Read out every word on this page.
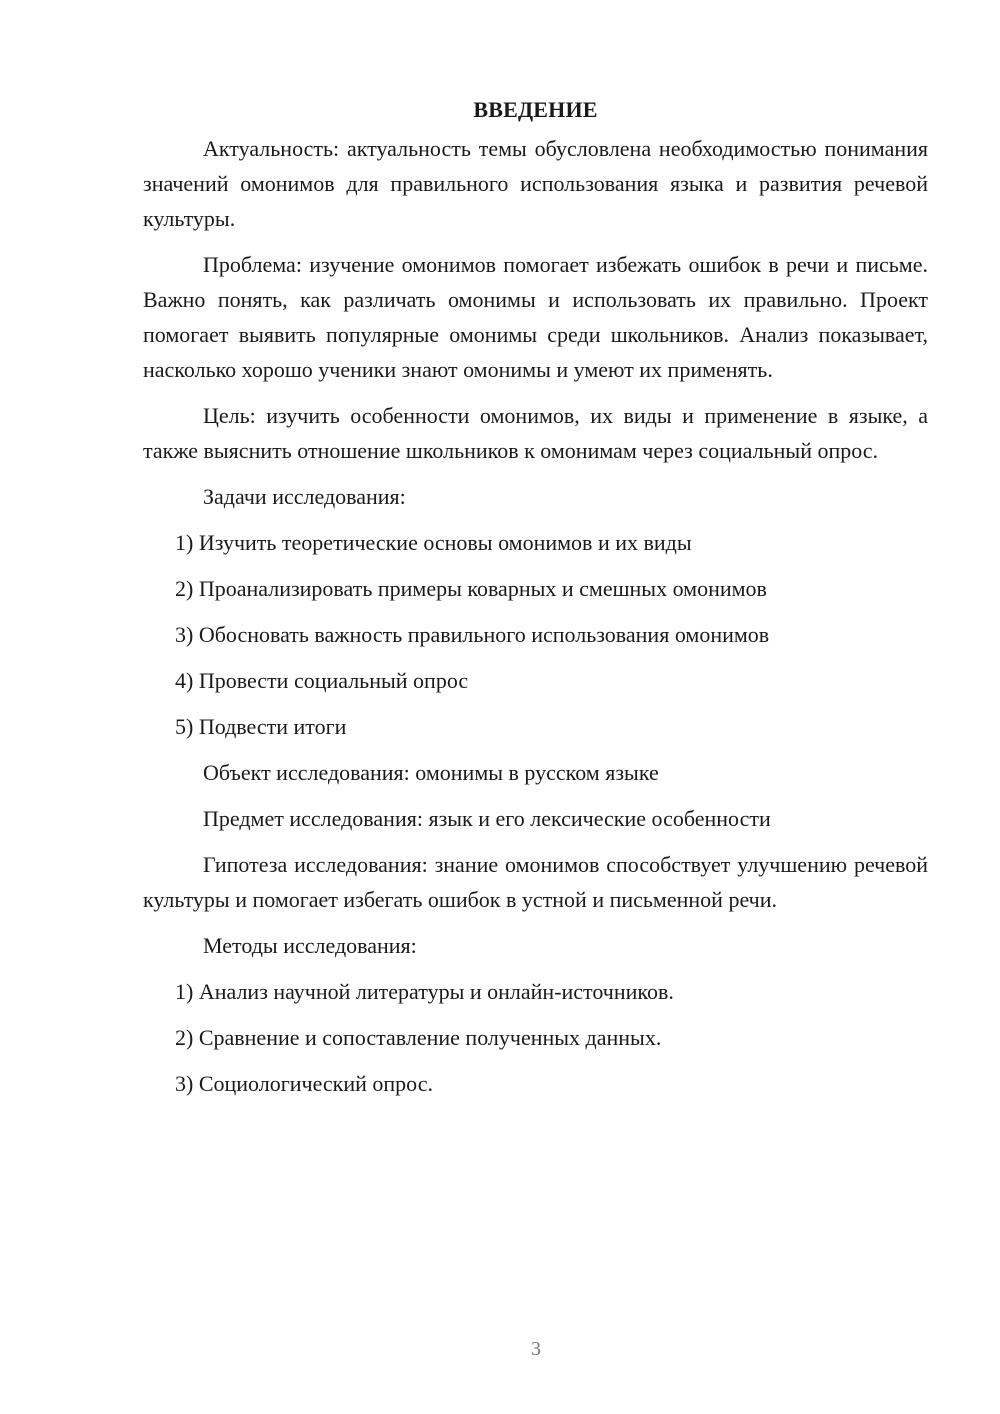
ВВЕДЕНИЕ
Актуальность: актуальность темы обусловлена необходимостью понимания значений омонимов для правильного использования языка и развития речевой культуры.
Проблема: изучение омонимов помогает избежать ошибок в речи и письме. Важно понять, как различать омонимы и использовать их правильно. Проект помогает выявить популярные омонимы среди школьников. Анализ показывает, насколько хорошо ученики знают омонимы и умеют их применять.
Цель: изучить особенности омонимов, их виды и применение в языке, а также выяснить отношение школьников к омонимам через социальный опрос.
Задачи исследования:
1) Изучить теоретические основы омонимов и их виды
2) Проанализировать примеры коварных и смешных омонимов
3) Обосновать важность правильного использования омонимов
4) Провести социальный опрос
5) Подвести итоги
Объект исследования: омонимы в русском языке
Предмет исследования: язык и его лексические особенности
Гипотеза исследования: знание омонимов способствует улучшению речевой культуры и помогает избегать ошибок в устной и письменной речи.
Методы исследования:
1) Анализ научной литературы и онлайн-источников.
2) Сравнение и сопоставление полученных данных.
3) Социологический опрос.
3
